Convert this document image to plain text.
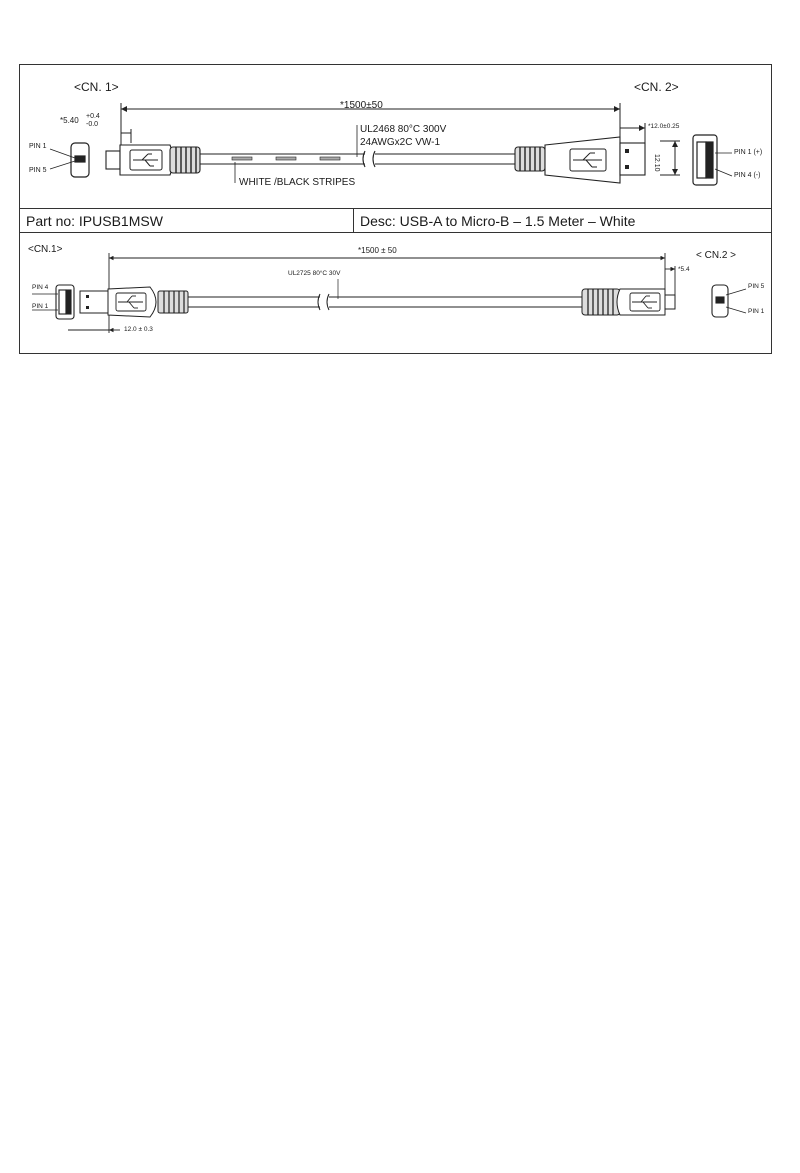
<CN. 1>	<CN. 2>
*1500±50
*5.40 +0.4
-0.0	UL2468 80°C 300V
24AWGx2C VW-1
WHITE /BLACK STRIPES
*12.0±0.25
12.10
PIN 1
PIN 5
PIN 1 (+)
PIN 4 (-)
Part no: IPUSB1MSW	Desc: USB-A to Micro-B – 1.5 Meter – White
<CN.1>
< CN.2 >
*1500 ± 50
UL2725 80°C 30V
*5.4
12.0 ± 0.3
PIN 4
PIN 1
PIN 5
PIN 1
